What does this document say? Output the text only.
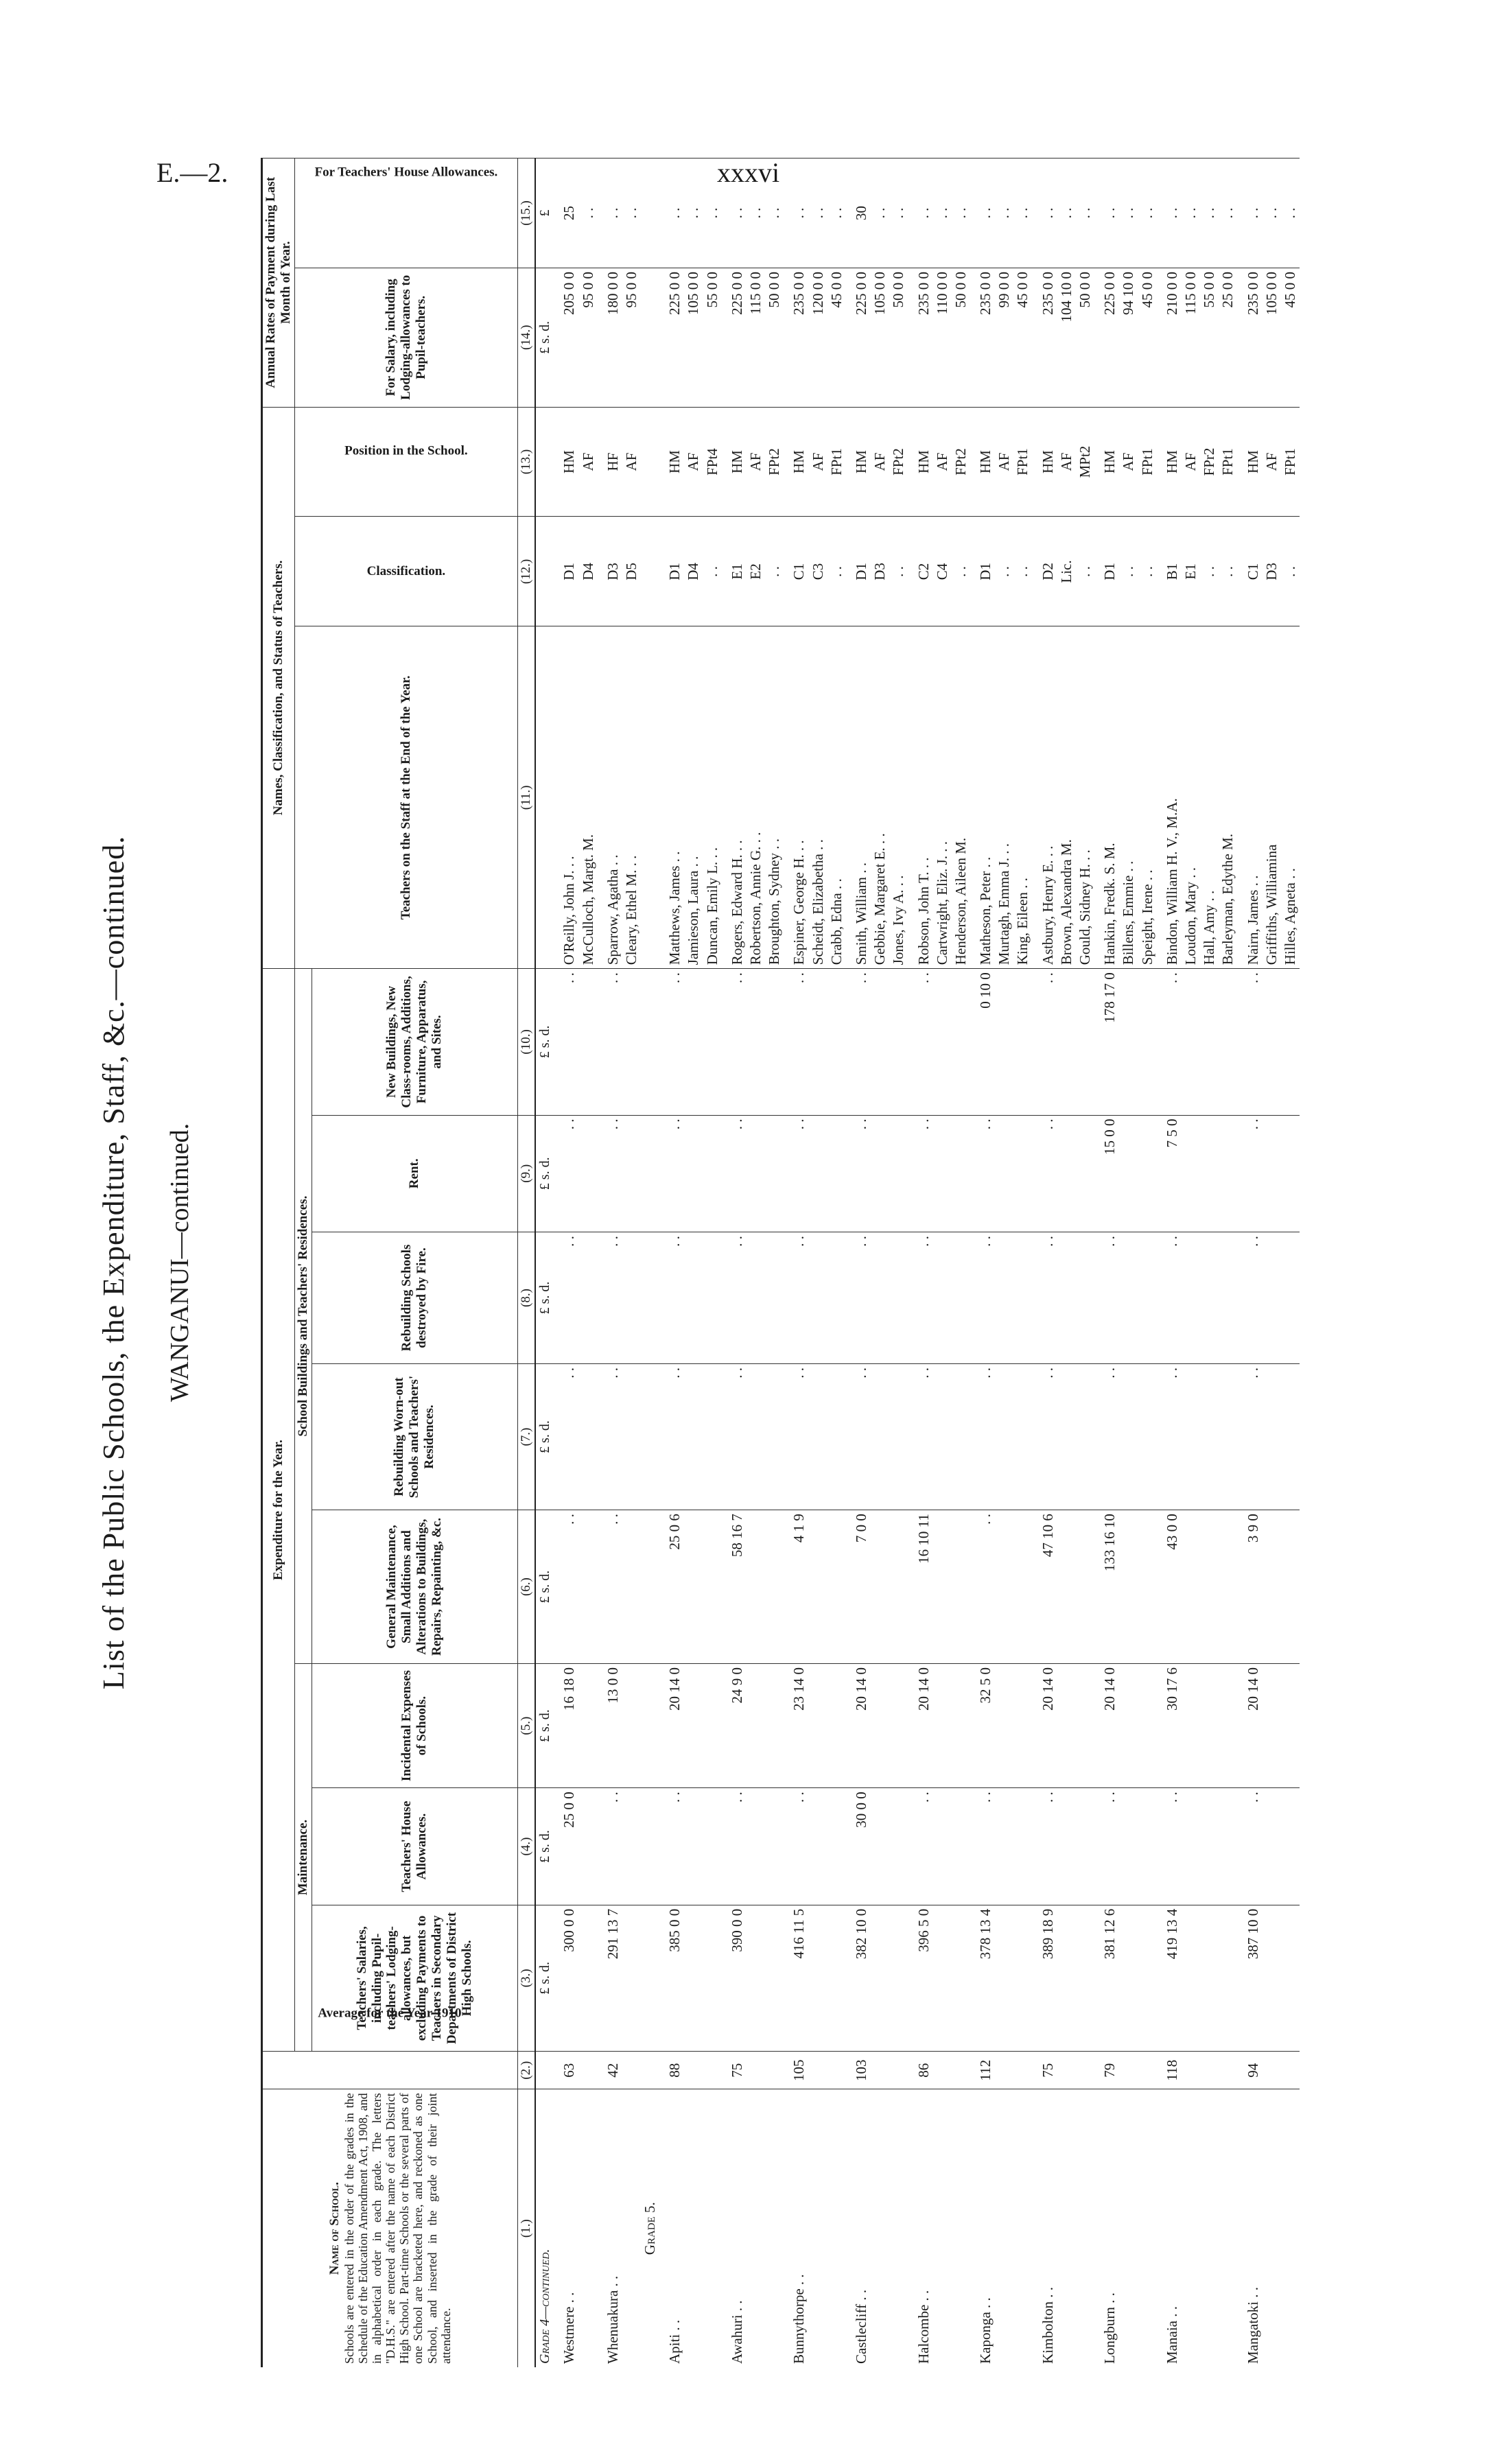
E.—2.	xxxvi
List of the Public Schools, the Expenditure, Staff, &c.—continued. WANGANUI—continued.
Name of School. Schools are entered in the order of the grades in the Schedule of the Education Amendment Act, 1908, and in alphabetical order in each grade. The letters "D.H.S." are entered after the name of each District High School. Part-time Schools or the several parts of one School are bracketed here, and reckoned as one School, and inserted in the grade of their joint attendance.	Average for the Year 1910	Expenditure for the Year.								Names, Classification, and Status of Teachers.			Annual Rates of Payment during Last Month of Year.	
		Maintenance.			School Buildings and Teachers' Residences.					Teachers on the Staff at the End of the Year.	Classification.	Position in the School.	For Salary, including Lodging-allowances to Pupil-teachers.	For Teachers' House Allowances.
		Teachers' Salaries, including Pupil-teachers' Lodging-allowances, but excluding Payments to Teachers in Secondary Departments of District High Schools.	Teachers' House Allowances.	Incidental Expenses of Schools.	General Maintenance, Small Additions and Alterations to Buildings, Repairs, Repainting, &c.	Rebuilding Worn-out Schools and Teachers' Residences.	Rebuilding Schools destroyed by Fire.	Rent.	New Buildings, New Class-rooms, Additions, Furniture, Apparatus, and Sites.					
(1.)	(2.)	(3.)	(4.)	(5.)	(6.)	(7.)	(8.)	(9.)	(10.)	(11.)	(12.)	(13.)	(14.)	(15.)
Grade 4—continued.		£ s. d.	£ s. d.	£ s. d.	£ s. d.	£ s. d.	£ s. d.	£ s. d.	£ s. d.				£ s. d.	£
Westmere . .	63	300 0 0	25 0 0	16 18 0	. .	. .	. .	. .	. .	O'Reilly, John J. . .	D1	HM	205 0 0	25
										McCulloch, Margt. M.	D4	AF	95 0 0	. .
Whenuakura . .	42	291 13 7	. .	13 0 0	. .	. .	. .	. .	. .	Sparrow, Agatha . .	D3	HF	180 0 0	. .
										Cleary, Ethel M. . .	D5	AF	95 0 0	. .
Grade 5.														
Apiti . .	88	385 0 0	. .	20 14 0	25 0 6	. .	. .	. .	. .	Matthews, James . .	D1	HM	225 0 0	. .
										Jamieson, Laura . .	D4	AF	105 0 0	. .
										Duncan, Emily L. . .	. .	FPt4	55 0 0	. .
Awahuri . .	75	390 0 0	. .	24 9 0	58 16 7	. .	. .	. .	. .	Rogers, Edward H. . .	E1	HM	225 0 0	. .
										Robertson, Annie G. . .	E2	AF	115 0 0	. .
										Broughton, Sydney . .	. .	FPt2	50 0 0	. .
Bunnythorpe . .	105	416 11 5	. .	23 14 0	4 1 9	. .	. .	. .	. .	Espiner, George H. . .	C1	HM	235 0 0	. .
										Scheidt, Elizabetha . .	C3	AF	120 0 0	. .
										Crabb, Edna . .	. .	FPt1	45 0 0	. .
Castlecliff . .	103	382 10 0	30 0 0	20 14 0	7 0 0	. .	. .	. .	. .	Smith, William . .	D1	HM	225 0 0	30
										Gebbie, Margaret E. . .	D3	AF	105 0 0	. .
										Jones, Ivy A. . .	. .	FPt2	50 0 0	. .
Halcombe . .	86	396 5 0	. .	20 14 0	16 10 11	. .	. .	. .	. .	Robson, John T. . .	C2	HM	235 0 0	. .
										Cartwright, Eliz. J. . .	C4	AF	110 0 0	. .
										Henderson, Aileen M.	. .	FPt2	50 0 0	. .
Kaponga . .	112	378 13 4	. .	32 5 0	. .	. .	. .	. .	0 10 0	Matheson, Peter . .	D1	HM	235 0 0	. .
										Murtagh, Emma J. . .	. .	AF	99 0 0	. .
										King, Eileen . .	. .	FPt1	45 0 0	. .
Kimbolton . .	75	389 18 9	. .	20 14 0	47 10 6	. .	. .	. .	. .	Astbury, Henry E. . .	D2	HM	235 0 0	. .
										Brown, Alexandra M.	Lic.	AF	104 10 0	. .
										Gould, Sidney H. . .	. .	MPt2	50 0 0	. .
Longburn . .	79	381 12 6	. .	20 14 0	133 16 10	. .	. .	15 0 0	178 17 0	Hankin, Fredk. S. M.	D1	HM	225 0 0	. .
										Billens, Emmie . .	. .	AF	94 10 0	. .
										Speight, Irene . .	. .	FPt1	45 0 0	. .
Manaia . .	118	419 13 4	. .	30 17 6	43 0 0	. .	. .	7 5 0	. .	Bindon, William H. V., M.A.	B1	HM	210 0 0	. .
										Loudon, Mary . .	E1	AF	115 0 0	. .
										Hall, Amy . .	. .	FPr2	55 0 0	. .
										Barleyman, Edythe M.	. .	FPt1	25 0 0	. .
Mangatoki . .	94	387 10 0	. .	20 14 0	3 9 0	. .	. .	. .	. .	Nairn, James . .	C1	HM	235 0 0	. .
										Griffiths, Williamina	D3	AF	105 0 0	. .
										Hilles, Agneta . .	. .	FPt1	45 0 0	. .
